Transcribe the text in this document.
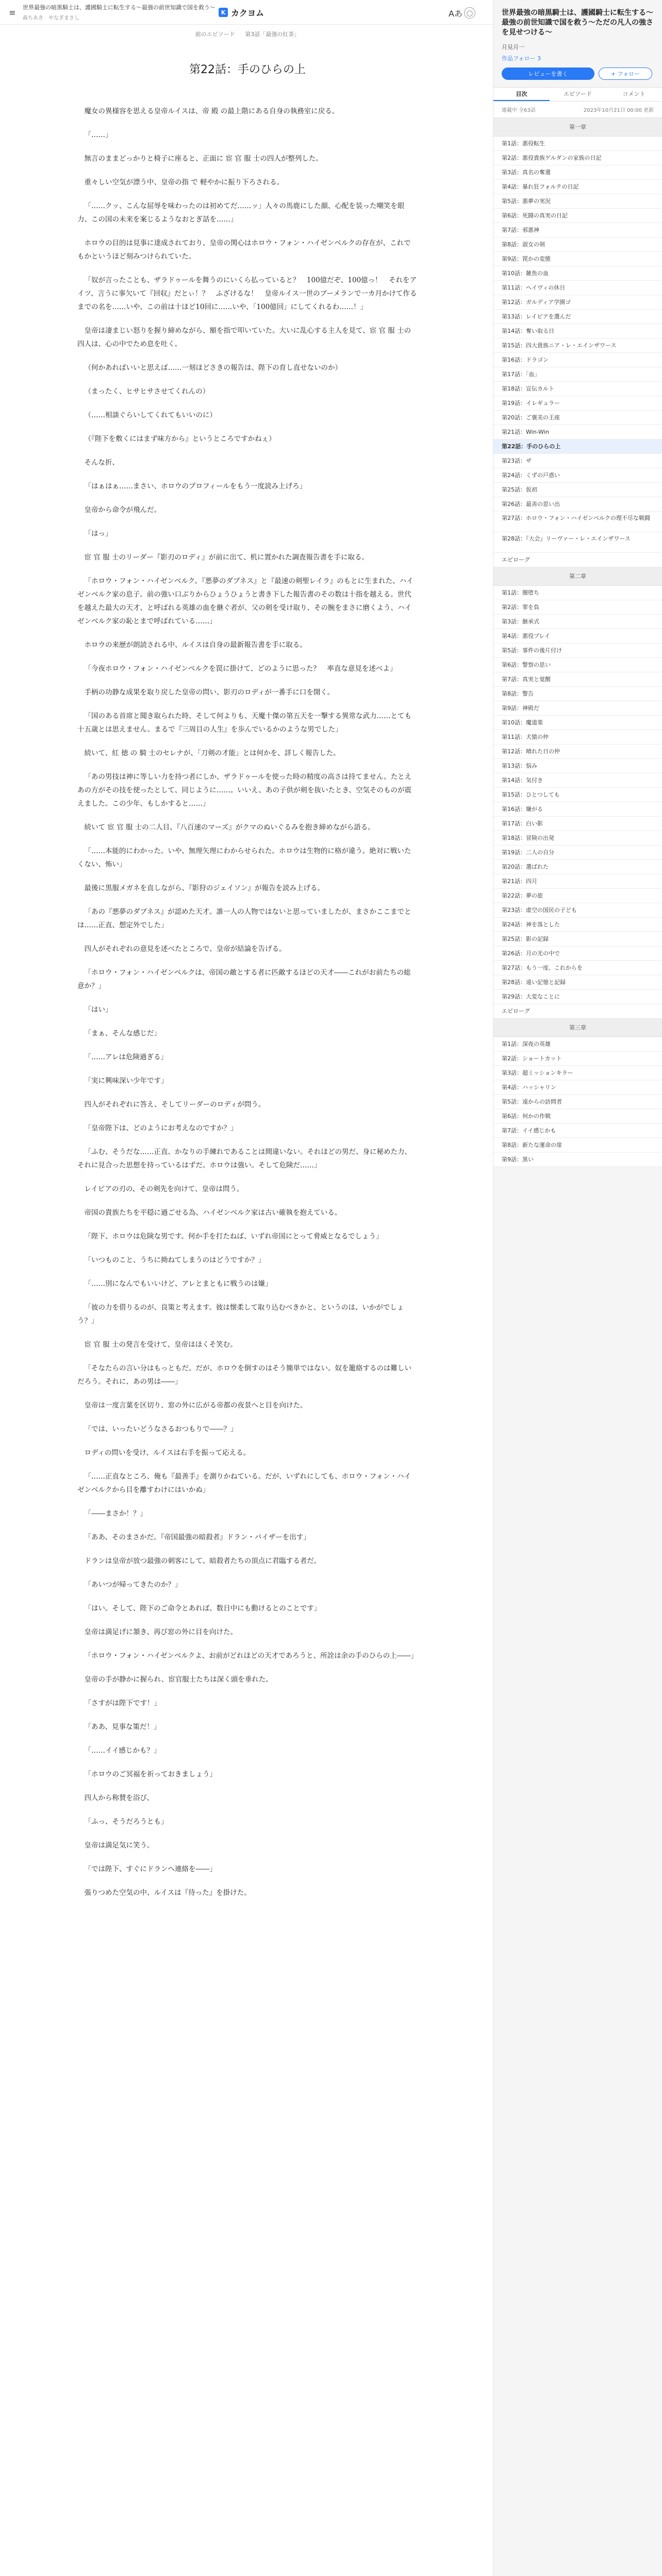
≡	世界最強の暗黒騎士は、護國騎士に転生する〜最強の前世知識で国を救う〜
森ちあき　やなぎまさし
K カクヨム	Aあ ◯
前のエピソード 第3話「最強の紅茶」
第22話：手のひらの上

魔女の異様容を思える皇帝ルイスは、帝 殿 の最上階にある自身の執務室に戻る。

「……」

無言のままどっかりと椅子に座ると、正面に 宦 官 服 士の四人が整列した。

重々しい空気が漂う中、皇帝の指 で 軽やかに振り下ろされる。

「……クッ、こんな屈辱を味わったのは初めてだ……ッ」人々の馬鹿にした顔、心配を装った嘲笑を眼力、この国の未来を案じるようなおとぎ話を……」

ホロウの目的は見事に達成されており、皇帝の関心はホロウ・フォン・ハイゼンベルクの存在が、これでもかというほど刻みつけられていた。

「奴が言ったことも、ザラドゥールを舞うのにいくら払っていると？　100億だぞ、100億っ！　それをアイツ、言うに事欠いて『回収』だとぃ！？　ふざけるな！　皇帝ルイス一世のブーメランで一カ月かけて作るまでの名を……いや、この前は十ほど10回に……いや、「100億回」にしてくれるわ……！」

皇帝は凄まじい怒りを握り締めながら、額を指で叩いていた。大いに乱心する主人を見て、宦 官 服 士の四人は、心の中でため息を吐く。

（何かあればいいと思えば……一刻ほどさきの報告は、陛下の育し直せないのか）

（まったく、ヒサヒサさせてくれんの）

（……相談ぐらいしてくれてもいいのに）

（『陛下を敷くにはまず味方から』というところですかねぇ）

そんな折、

「はぁはぁ……まさい、ホロウのプロフィールをもう一度読み上げろ」

皇帝から命令が飛んだ。

「はっ」

宦 官 服 士のリーダー『影刃のロディ』が前に出て、机に置かれた調査報告書を手に取る。

「ホロウ・フォン・ハイゼンベルク。『悪夢のダブネス』と『最速の剣聖レイラ』のもとに生まれた、ハイゼンベルク家の息子。前の強い口ぶりからひょうひょうと書き下した報告書のその数は十指を越える。世代を越えた最大の天才、と呼ばれる英雄の血を継ぐ者が、父の剣を受け取り、その腕をまさに磨くよう、ハイゼンベルク家の恥とまで呼ばれている……」

ホロウの来歴が朗読される中、ルイスは自身の最新報告書を手に取る。

「今夜ホロウ・フォン・ハイゼンベルクを罠に掛けて、どのように思った？　率直な意見を述べよ」

手柄の功静な成果を取り戻した皇帝の問い、影刃のロディが一番手に口を開く。

「国のある首席と聞き取られた時、そして何よりも、天魔十傑の第五天を一撃する異常な武力……とても十五歳とは思えません。まるで『三周目の人生』を歩んでいるかのような男でした」

続いて、紅 徳 の 騎 士のセレナが、「刀剣の才能」とは何かを、詳しく報告した。

「あの男技は神に等しい力を持つ者にしか、ザラドゥールを使った時の精度の高さは持てません。たとえあの方がその技を使ったとして、同じように……。いいえ、あの子供が剣を抜いたとき、空気そのものが震えました。この少年、もしかすると……」

続いて 宦 官 服 士の二人目、『八百速のマーズ』がクマのぬいぐるみを抱き締めながら語る。

「……本能的にわかった。いや、無理矢理にわからせられた。ホロウは生物的に格が違う。絶対に戦いたくない、怖い」

最後に黒服メガネを直しながら、『影狩のジェイソン』が報告を読み上げる。

「あの『悪夢のダブネス』が認めた天才。誰一人の人物ではないと思っていましたが、まさかここまでとは……正直、想定外でした」

四人がそれぞれの意見を述べたところで、皇帝が結論を告げる。

「ホロウ・フォン・ハイゼンベルクは、帝国の敵とする者に匹敵するほどの天才――これがお前たちの総意か？」

「はい」

「まぁ、そんな感じだ」

「……アレは危険過ぎる」

「実に興味深い少年です」

四人がそれぞれに答え、そしてリーダーのロディが問う。

「皇帝陛下は、どのようにお考えなのですか？」

「ふむ、そうだな……正直、かなりの手練れであることは間違いない。それほどの男だ、身に秘めた力、それに見合った思想を持っているはずだ。ホロウは強い。そして危険だ……」

レイピアの刃の、その剣先を向けて、皇帝は問う。

帝国の貴族たちを平穏に過ごせる為、ハイゼンベルク家は古い確執を抱えている。

「陛下、ホロウは危険な男です。何か手を打たねば、いずれ帝国にとって脅威となるでしょう」

「いつものこと、うちに拗ねてしまうのはどうですか？」

「……別になんでもいいけど、アレとまともに戦うのは嫌」

「彼の力を借りるのが、良策と考えます。彼は懐柔して取り込むべきかと、というのは、いかがでしょう？」

宦 官 服 士の発言を受けて、皇帝はほくそ笑む。

「そなたらの言い分はもっともだ。だが、ホロウを倒すのはそう簡単ではない。奴を籠絡するのは難しいだろう。それに、あの男は――」

皇帝は一度言葉を区切り、窓の外に広がる帝都の夜景へと目を向けた。

「では、いったいどうなさるおつもりで――？」

ロディの問いを受け、ルイスは右手を振って応える。

「……正直なところ、俺も『最善手』を測りかねている。だが、いずれにしても、ホロウ・フォン・ハイゼンベルクから目を離すわけにはいかぬ」

「――まさか！？」

「ああ、そのまさかだ。『帝国最強の暗殺者』ドラン・バイザーを出す」

ドランは皇帝が放つ最強の刺客にして、暗殺者たちの頂点に君臨する者だ。

「あいつが帰ってきたのか？」

「はい。そして、陛下のご命令とあれば、数日中にも動けるとのことです」

皇帝は満足げに頷き、再び窓の外に目を向けた。

「ホロウ・フォン・ハイゼンベルクよ、お前がどれほどの天才であろうと、所詮は余の手のひらの上――」

皇帝の手が静かに握られ、宦官服士たちは深く頭を垂れた。

「さすがは陛下です！」

「ああ、見事な策だ！」

「……イイ感じかも？」

「ホロウのご冥福を祈っておきましょう」

四人から称賛を浴び、

「ふっ、そうだろうとも」

皇帝は満足気に笑う。

「では陛下、すぐにドランへ連絡を――」

張りつめた空気の中、ルイスは『待った』を掛けた。

世界最強の暗黒騎士は、護國騎士に転生する〜最強の前世知識で国を救う〜ただの凡人の強さを見せつける〜
月見月一
作品フォロー 3
レビューを書く	+ フォロー
目次	エピソード	コメント
連載中 全63話	2023年10月21日 00:00 更新
第一章
第1話：悪役転生
第2話：悪役貴族ゲルダンの家族の日記
第3話：真名の奪還
第4話：暴れ狂フォルテの日記
第5話：悪夢の実況
第6話：死闘の真実の日記
第7話：邪悪神
第8話：淑女の剣
第9話：罠かの変態
第10話：雑魚の血
第11話：ヘイヴィの休日
第12話：ガルディア学園ゴ
第13話：レイピアを選んだ
第14話：奪い取る日
第15話：四大貴族ニア・レ・エインザワース
第16話：ドラゴン
第17話：「血」
第18話：宣伝カルト
第19話：イレギュラー
第20話：ご褒美の王座
第21話：Win-Win
第22話：手のひらの上
第23話：ザ
第24話：くずの戸惑い
第25話：仮初
第26話：最善の思い出
第27話：ホロウ・フォン・ハイゼンベルクの理不尽な戦闘
第28話：『大会』リーヴァー・レ・エインザワース
エピローグ
第二章
第1話：闇堕ち
第2話：罪を負
第3話：継承式
第4話：悪役プレイ
第5話：事件の後片付け
第6話：警察の思い
第7話：真実と覚醒
第8話：警告
第9話：神殿だ
第10話：魔道楽
第11話：犬猿の仲
第12話：晴れた日の仲
第13話：悩み
第14話：気付き
第15話：ひとつしても
第16話：嫌がる
第17話：白い影
第18話：冒険の出発
第19話：二人の自分
第20話：選ばれた
第21話：四月
第22話：夢の旅
第23話：虚空の国民の子ども
第24話：神を落とした
第25話：影の記録
第26話：月の光の中で
第27話：もう一度、これからを
第28話：遠い記憶と記録
第29話：大変なことに
エピローグ
第三章
第1話：深夜の英雄
第2話：ショートカット
第3話：超ミッションキラー
第4話：ハッシャリン
第5話：遠からの訪問者
第6話：何かの作戦
第7話：イイ感じかも
第8話：新たな運命の扉
第9話：黒い
